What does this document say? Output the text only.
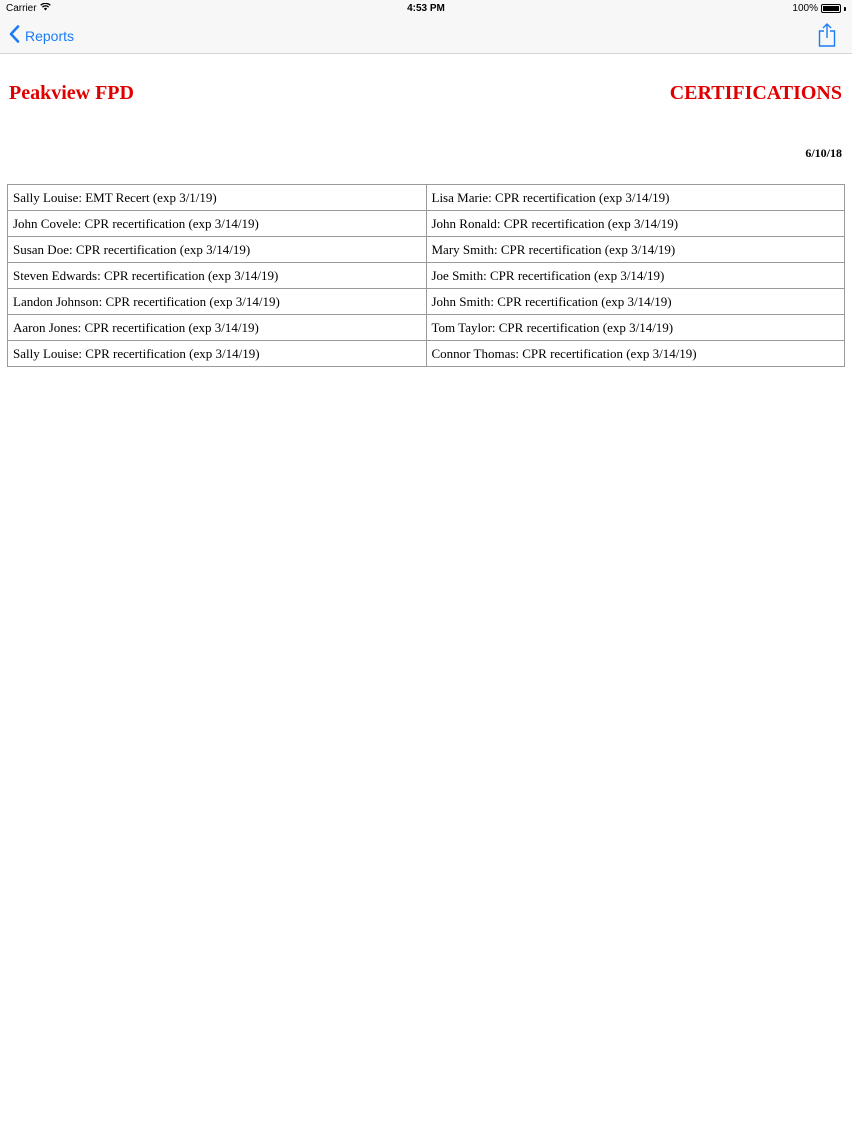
Carrier	4:53 PM	100%
Reports
Peakview FPD	CERTIFICATIONS
6/10/18
Sally Louise: EMT Recert (exp 3/1/19)	Lisa Marie: CPR recertification (exp 3/14/19)
John Covele: CPR recertification (exp 3/14/19)	John Ronald: CPR recertification (exp 3/14/19)
Susan Doe: CPR recertification (exp 3/14/19)	Mary Smith: CPR recertification (exp 3/14/19)
Steven Edwards: CPR recertification (exp 3/14/19)	Joe Smith: CPR recertification (exp 3/14/19)
Landon Johnson: CPR recertification (exp 3/14/19)	John Smith: CPR recertification (exp 3/14/19)
Aaron Jones: CPR recertification (exp 3/14/19)	Tom Taylor: CPR recertification (exp 3/14/19)
Sally Louise: CPR recertification (exp 3/14/19)	Connor Thomas: CPR recertification (exp 3/14/19)
